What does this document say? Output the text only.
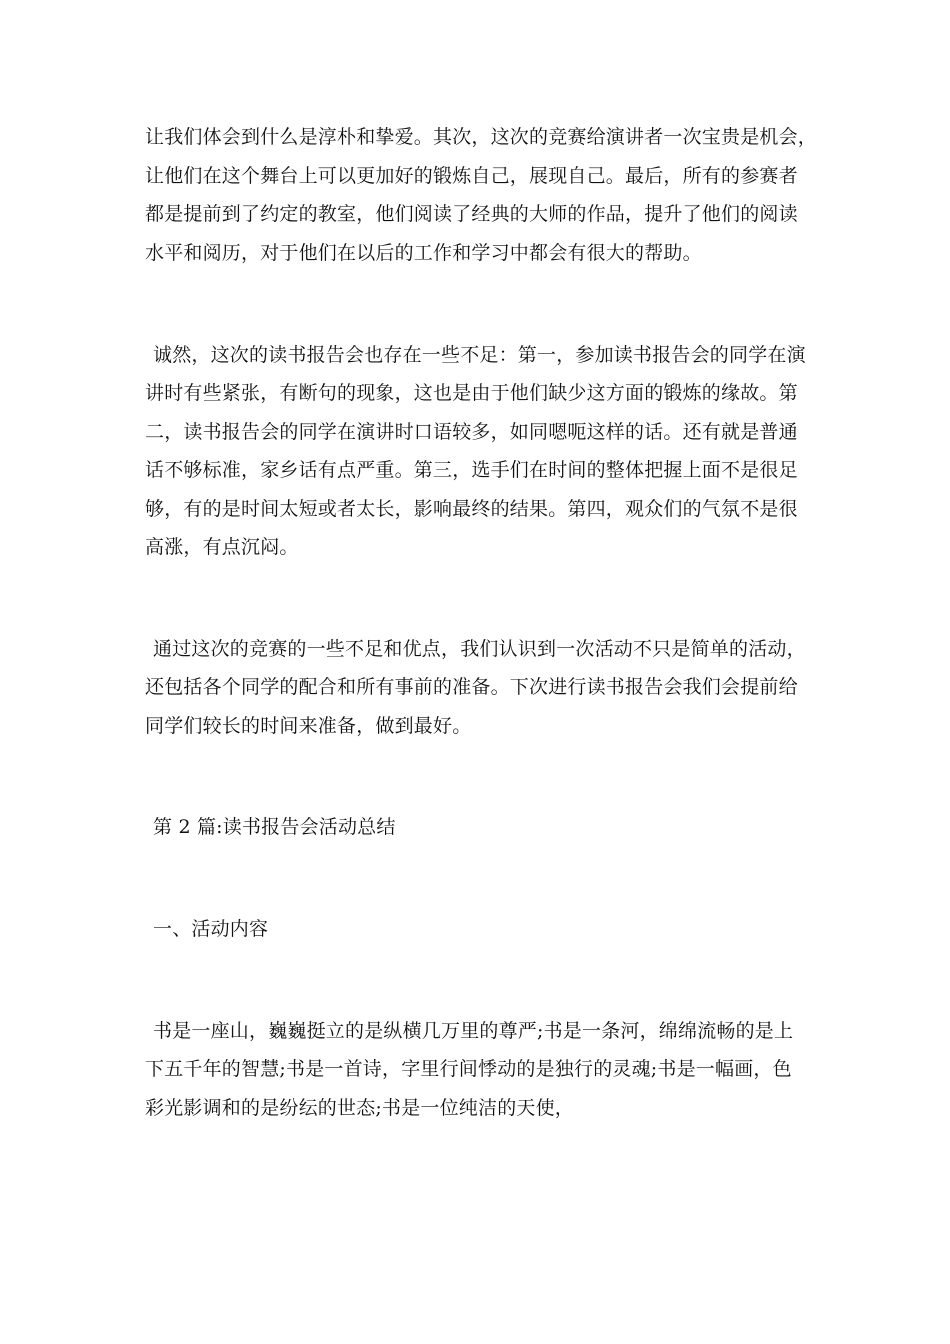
让我们体会到什么是淳朴和挚爱。其次，这次的竞赛给演讲者一次宝贵是机会，
让他们在这个舞台上可以更加好的锻炼自己，展现自己。最后，所有的参赛者
都是提前到了约定的教室，他们阅读了经典的大师的作品，提升了他们的阅读
水平和阅历，对于他们在以后的工作和学习中都会有很大的帮助。
诚然，这次的读书报告会也存在一些不足：第一，参加读书报告会的同学在演
讲时有些紧张，有断句的现象，这也是由于他们缺少这方面的锻炼的缘故。第
二，读书报告会的同学在演讲时口语较多，如同嗯呃这样的话。还有就是普通
话不够标准，家乡话有点严重。第三，选手们在时间的整体把握上面不是很足
够，有的是时间太短或者太长，影响最终的结果。第四，观众们的气氛不是很
高涨，有点沉闷。
通过这次的竞赛的一些不足和优点，我们认识到一次活动不只是简单的活动，
还包括各个同学的配合和所有事前的准备。下次进行读书报告会我们会提前给
同学们较长的时间来准备，做到最好。
第 2 篇:读书报告会活动总结
一、活动内容
书是一座山，巍巍挺立的是纵横几万里的尊严;书是一条河，绵绵流畅的是上
下五千年的智慧;书是一首诗，字里行间悸动的是独行的灵魂;书是一幅画，色
彩光影调和的是纷纭的世态;书是一位纯洁的天使，
